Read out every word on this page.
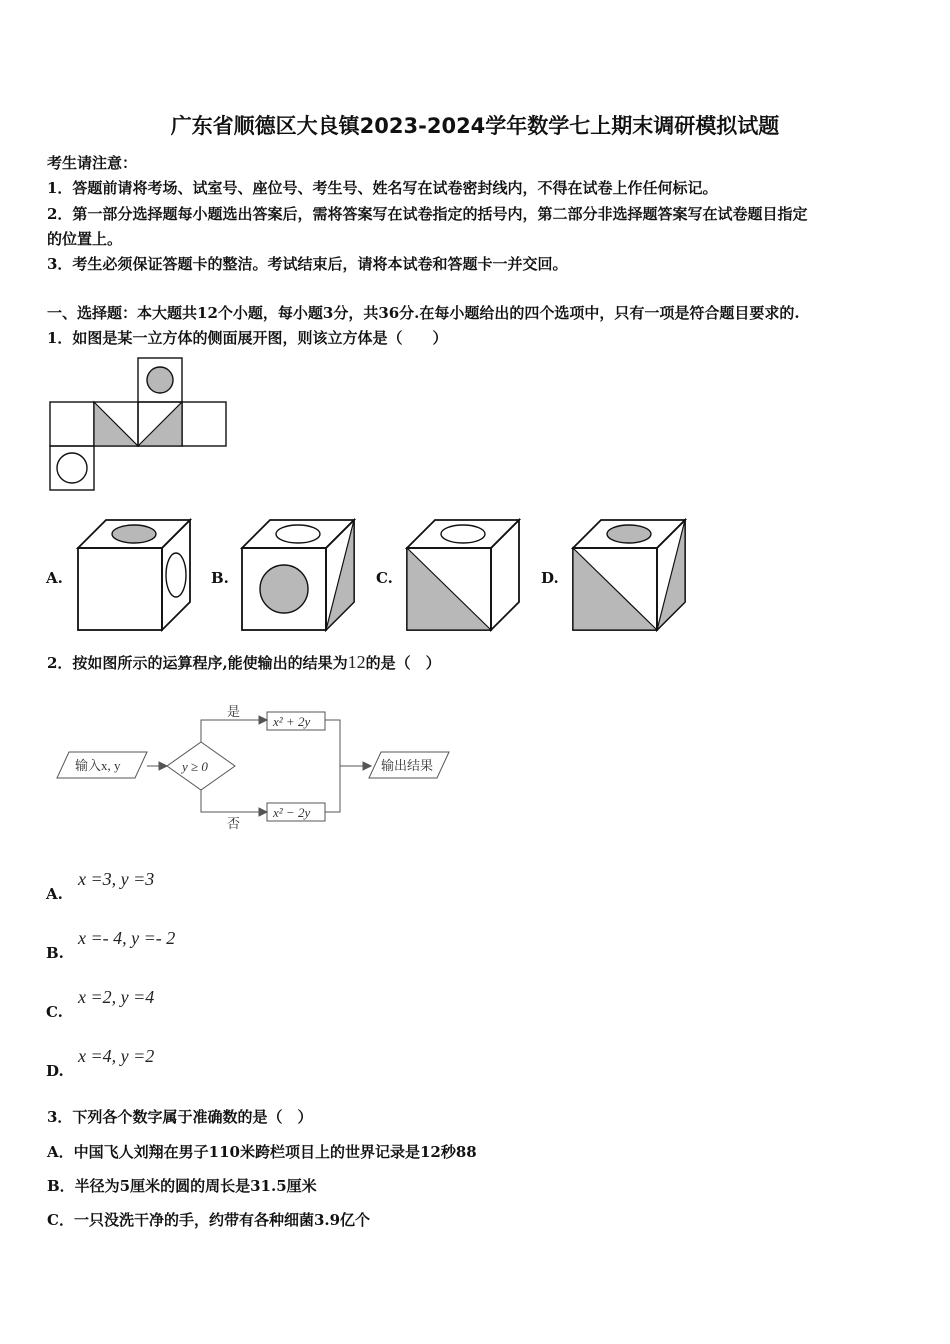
广东省顺德区大良镇2023-2024学年数学七上期末调研模拟试题
考生请注意：
1．答题前请将考场、试室号、座位号、考生号、姓名写在试卷密封线内，不得在试卷上作任何标记。
2．第一部分选择题每小题选出答案后，需将答案写在试卷指定的括号内，第二部分非选择题答案写在试卷题目指定
的位置上。
3．考生必须保证答题卡的整洁。考试结束后，请将本试卷和答题卡一并交回。
一、选择题：本大题共12个小题，每小题3分，共36分.在每小题给出的四个选项中，只有一项是符合题目要求的.
1．如图是某一立方体的侧面展开图，则该立方体是（　　）
A.	B.	C.	D.
2．按如图所示的运算程序,能使输出的结果为12的是（　）
输入x, y	y ≥ 0
是
否
x² + 2y
x² − 2y
输出结果
A.
x =3, y =3
B.
x =- 4, y =- 2
C.
x =2, y =4
D.
x =4, y =2
3．下列各个数字属于准确数的是（　）
A．中国飞人刘翔在男子110米跨栏项目上的世界记录是12秒88
B．半径为5厘米的圆的周长是31.5厘米
C．一只没洗干净的手，约带有各种细菌3.9亿个
